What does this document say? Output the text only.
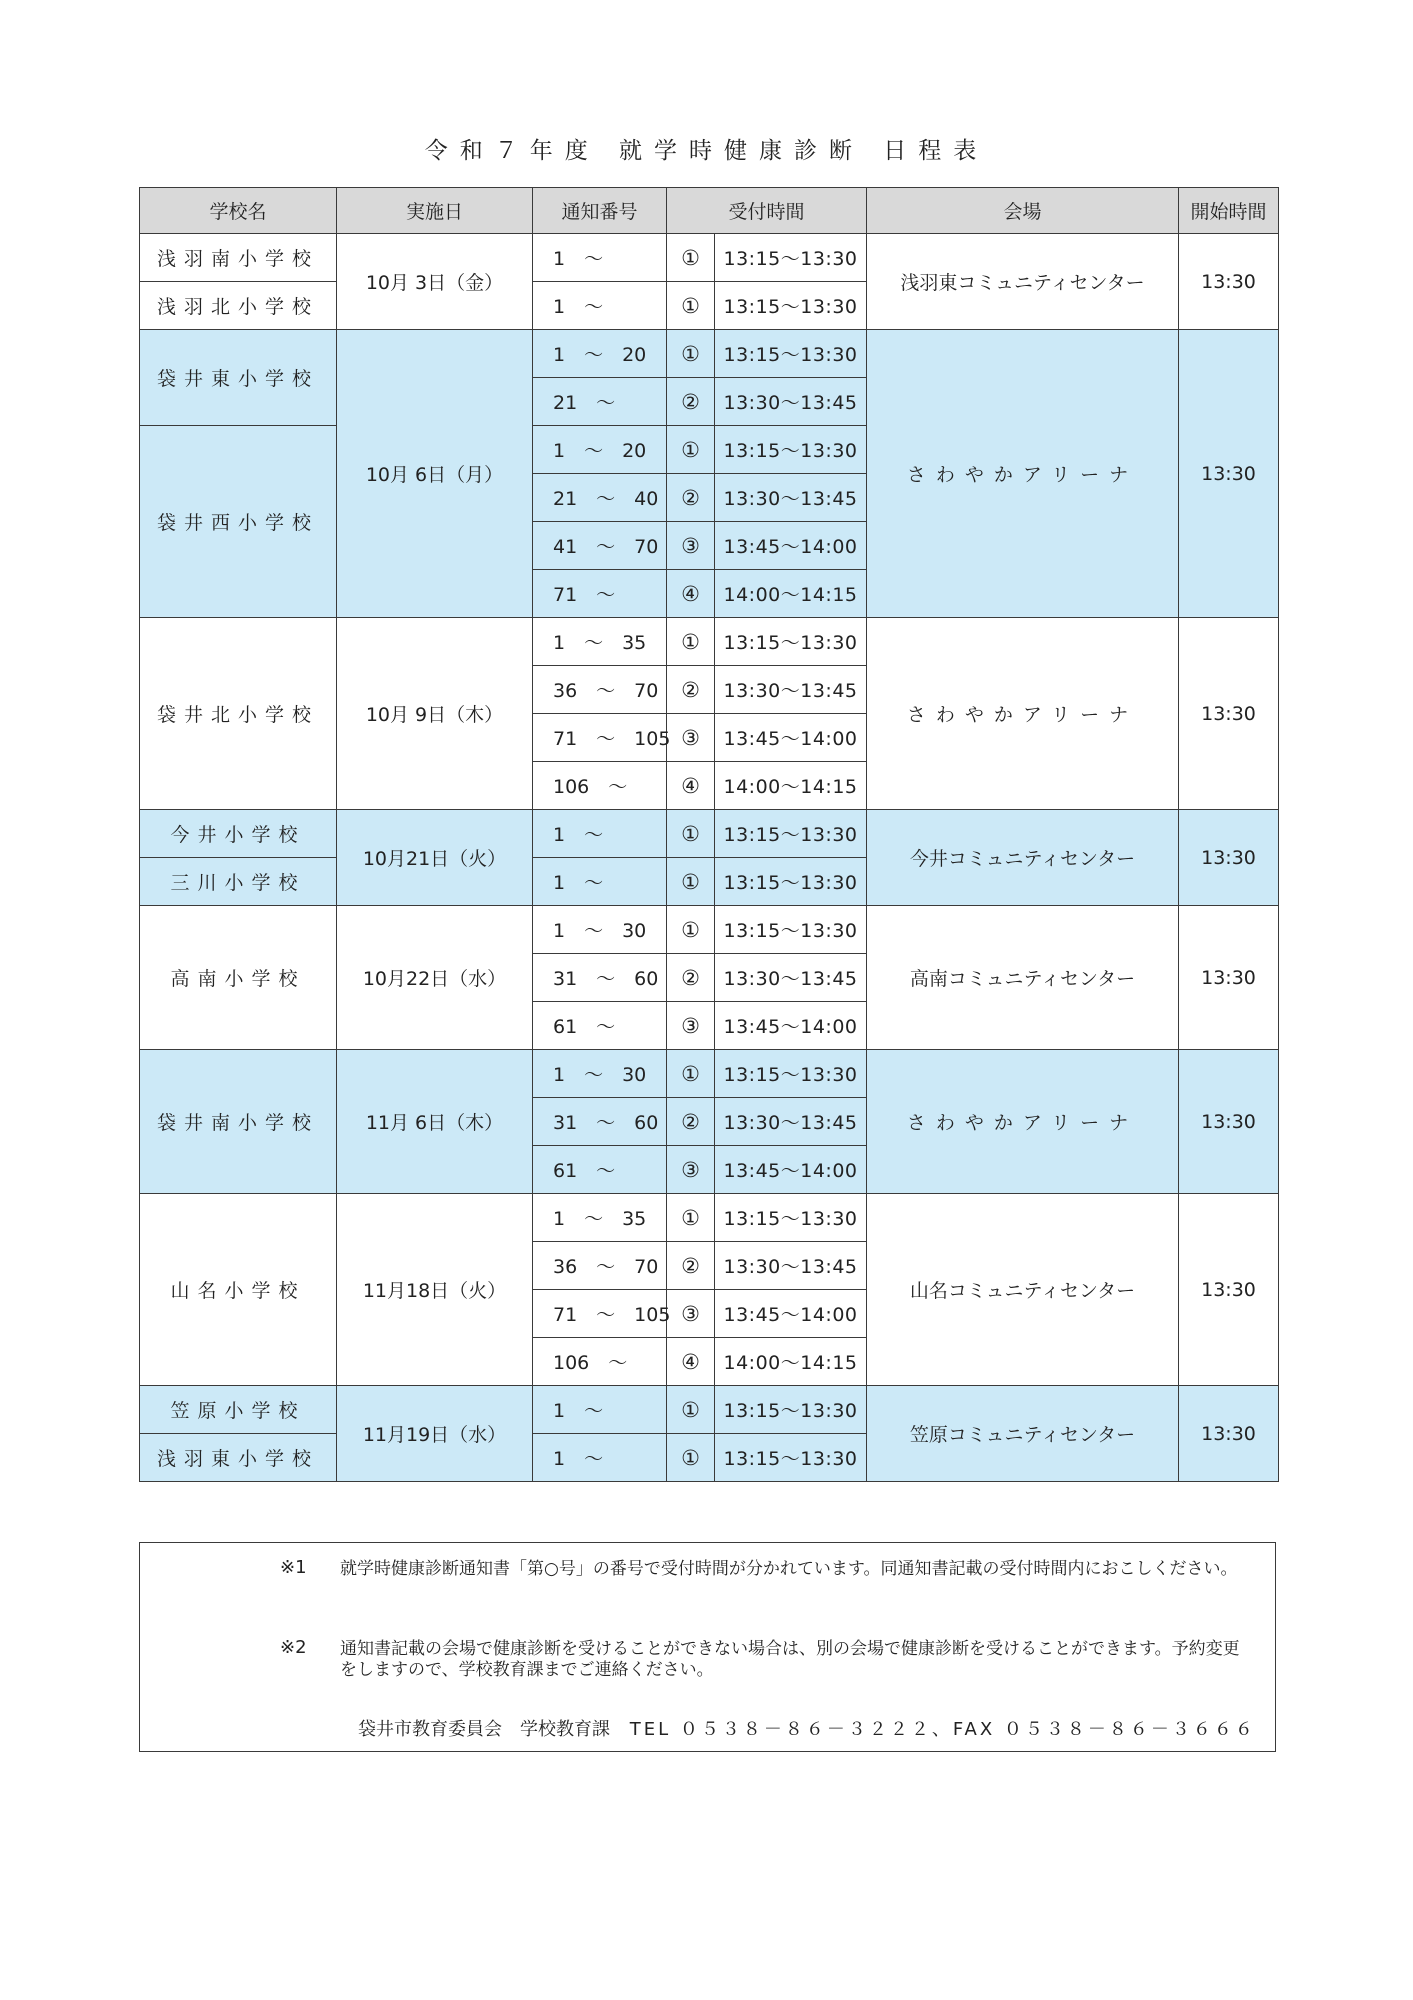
令和７年度 就学時健康診断 日程表
学校名	実施日	通知番号	受付時間		会場	開始時間
浅羽南小学校	10月 3日（金）	1　～	①	13:15～13:30	浅羽東コミュニティセンター	13:30
浅羽北小学校		1　～	①	13:15～13:30		
袋井東小学校	10月 6日（月）	1　～　20	①	13:15～13:30	さわやかアリーナ	13:30
		21　～	②	13:30～13:45		
袋井西小学校		1　～　20	①	13:15～13:30		
		21　～　40	②	13:30～13:45		
		41　～　70	③	13:45～14:00		
		71　～	④	14:00～14:15		
袋井北小学校	10月 9日（木）	1　～　35	①	13:15～13:30	さわやかアリーナ	13:30
		36　～　70	②	13:30～13:45		
		71　～　105	③	13:45～14:00		
		106　～	④	14:00～14:15		
今井小学校	10月21日（火）	1　～	①	13:15～13:30	今井コミュニティセンター	13:30
三川小学校		1　～	①	13:15～13:30		
高南小学校	10月22日（水）	1　～　30	①	13:15～13:30	高南コミュニティセンター	13:30
		31　～　60	②	13:30～13:45		
		61　～	③	13:45～14:00		
袋井南小学校	11月 6日（木）	1　～　30	①	13:15～13:30	さわやかアリーナ	13:30
		31　～　60	②	13:30～13:45		
		61　～	③	13:45～14:00		
山名小学校	11月18日（火）	1　～　35	①	13:15～13:30	山名コミュニティセンター	13:30
		36　～　70	②	13:30～13:45		
		71　～　105	③	13:45～14:00		
		106　～	④	14:00～14:15		
笠原小学校	11月19日（水）	1　～	①	13:15～13:30	笠原コミュニティセンター	13:30
浅羽東小学校		1　～	①	13:15～13:30		
※1 就学時健康診断通知書「第○号」の番号で受付時間が分かれています。同通知書記載の受付時間内におこしください。
※2 通知書記載の会場で健康診断を受けることができない場合は、別の会場で健康診断を受けることができます。予約変更をしますので、学校教育課までご連絡ください。
袋井市教育委員会　学校教育課 TEL ０５３８－８６－３２２２、FAX ０５３８－８６－３６６６
